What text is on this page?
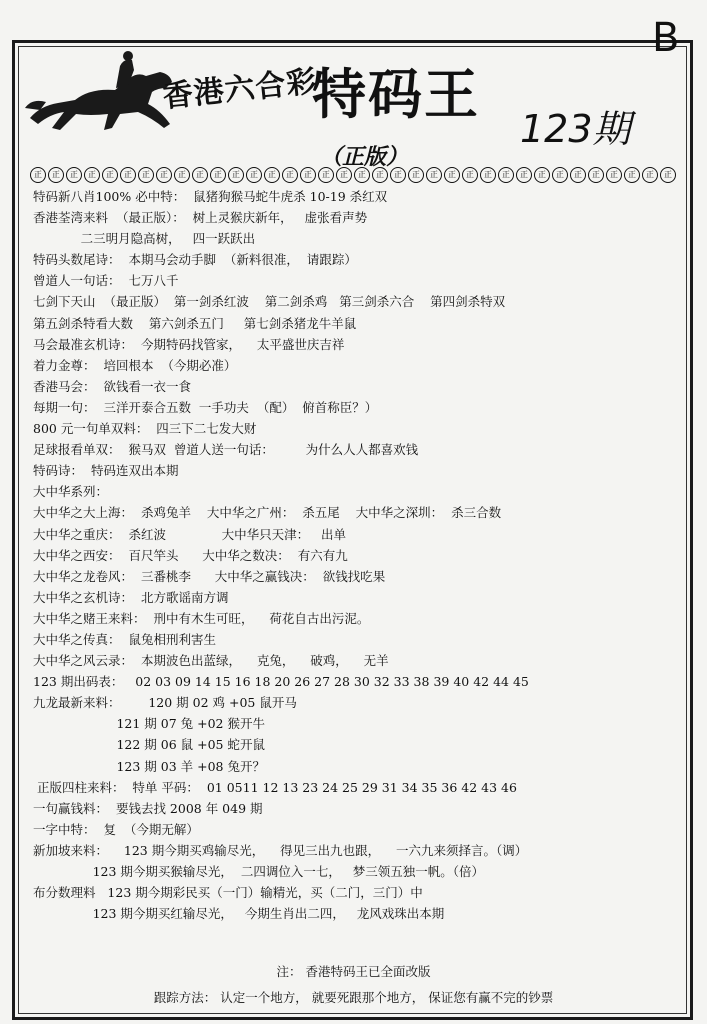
B
香港六合彩
特码王
123期
（正版）
正	正	正	正	正	正	正	正	正	正	正	正	正	正	正	正	正	正	正	正	正	正	正	正	正	正	正	正	正	正	正	正	正	正	正	正
特码新八肖100% 必中特：  鼠猪狗猴马蛇牛虎杀 10-19 杀红双
香港荃湾来料  （最正版）：  树上灵猴庆新年，   虚张看声势
二三明月隐高树，   四一跃跃出
特码头数尾诗：  本期马会动手脚  （新料很准，  请跟踪）
曾道人一句话：  七万八千
七剑下天山  （最正版）  第一剑杀红波    第二剑杀鸡   第三剑杀六合    第四剑杀特双
第五剑杀特看大数    第六剑杀五门     第七剑杀猪龙牛羊鼠
马会最准玄机诗：  今期特码找管家，    太平盛世庆吉祥
着力金尊：  培回根本  （今期必准）
香港马会：  欲钱看一衣一食
每期一句：  三洋开泰合五数  一手功夫  （配）  俯首称臣？）
800 元一句单双料：  四三下二七发大财
足球报看单双：  猴马双  曾道人送一句话：        为什么人人都喜欢钱
特码诗：  特码连双出本期
大中华系列：
大中华之大上海：  杀鸡兔羊    大中华之广州：  杀五尾    大中华之深圳：  杀三合数
大中华之重庆：  杀红波              大中华只天津：   出单
大中华之西安：  百尺竿头      大中华之数决：  有六有九
大中华之龙卷风：  三番桃李      大中华之赢钱决：  欲钱找吃果
大中华之玄机诗：  北方歌谣南方调
大中华之赌王来料：  刑中有木生可旺，    荷花自古出污泥。
大中华之传真：  鼠兔相刑利害生
大中华之风云录：  本期波色出蓝绿，    克兔，    破鸡，    无羊
123 期出码表：   02 03 09 14 15 16 18 20 26 27 28 30 32 33 38 39 40 42 44 45
九龙最新来料：       120 期 02 鸡 +05 鼠开马
121 期 07 兔 +02 猴开牛
122 期 06 鼠 +05 蛇开鼠
123 期 03 羊 +08 兔开？
正版四柱来料：  特单 平码：  01 0511 12 13 23 24 25 29 31 34 35 36 42 43 46
一句赢钱料：  要钱去找 2008 年 049 期
一字中特：  复  （今期无解）
新加坡来料：    123 期今期买鸡输尽光，    得见三出九也跟，    一六九来须择言。（调）
123 期今期买猴输尽光，  二四调位入一七，   梦三领五独一帆。（倍）
布分数理料   123 期今期彩民买（一门）输精光，买（二门，三门）中
123 期今期买红输尽光，   今期生肖出二四，   龙风戏珠出本期
注： 香港特码王已全面改版
跟踪方法： 认定一个地方， 就要死跟那个地方， 保证您有赢不完的钞票
